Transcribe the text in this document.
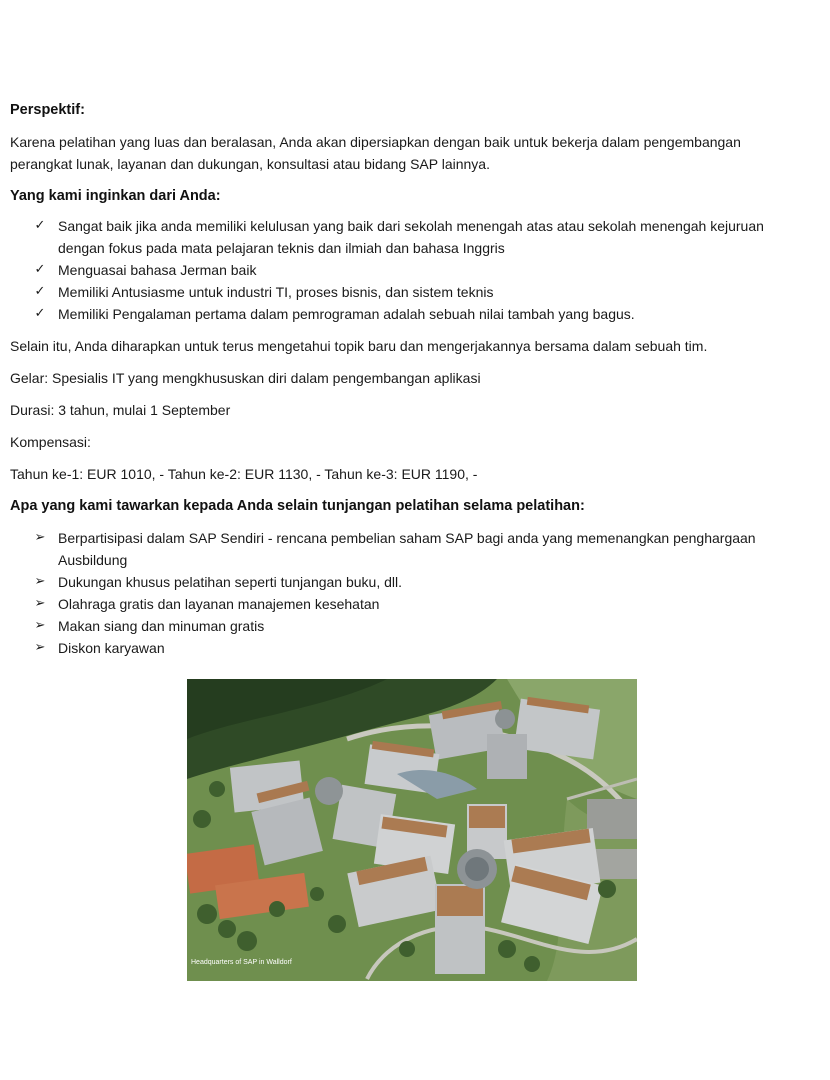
Perspektif:

Karena pelatihan yang luas dan beralasan, Anda akan dipersiapkan dengan baik untuk bekerja dalam pengembangan perangkat lunak, layanan dan dukungan, konsultasi atau bidang SAP lainnya.

Yang kami inginkan dari Anda:
✓ Sangat baik jika anda memiliki kelulusan yang baik dari sekolah menengah atas atau sekolah menengah kejuruan dengan fokus pada mata pelajaran teknis dan ilmiah dan bahasa Inggris
✓ Menguasai bahasa Jerman baik
✓ Memiliki Antusiasme untuk industri TI, proses bisnis, dan sistem teknis
✓ Memiliki Pengalaman pertama dalam pemrograman adalah sebuah nilai tambah yang bagus.

Selain itu, Anda diharapkan untuk terus mengetahui topik baru dan mengerjakannya bersama dalam sebuah tim.

Gelar: Spesialis IT yang mengkhususkan diri dalam pengembangan aplikasi

Durasi: 3 tahun, mulai 1 September

Kompensasi:

Tahun ke-1: EUR 1010, - Tahun ke-2: EUR 1130, - Tahun ke-3: EUR 1190, -

Apa yang kami tawarkan kepada Anda selain tunjangan pelatihan selama pelatihan:
➢ Berpartisipasi dalam SAP Sendiri - rencana pembelian saham SAP bagi anda yang memenangkan penghargaan Ausbildung
➢ Dukungan khusus pelatihan seperti tunjangan buku, dll.
➢ Olahraga gratis dan layanan manajemen kesehatan
➢ Makan siang dan minuman gratis
➢ Diskon karyawan
Headquarters of SAP in Walldorf
